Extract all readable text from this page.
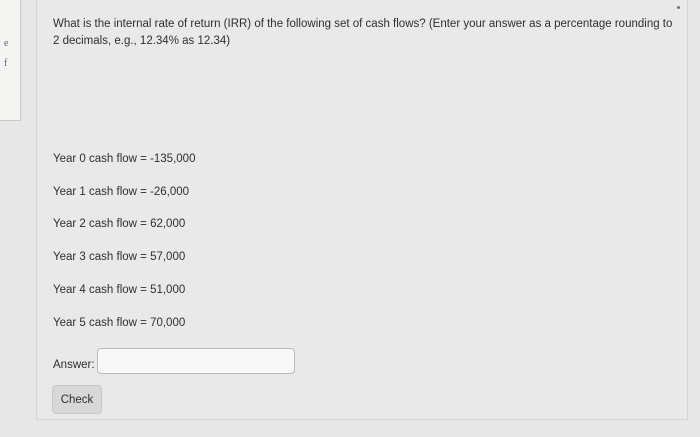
e
f
What is the internal rate of return (IRR) of the following set of cash flows? (Enter your answer as a percentage rounding to 2 decimals, e.g., 12.34% as 12.34)
Year 0 cash flow = -135,000
Year 1 cash flow = -26,000
Year 2 cash flow = 62,000
Year 3 cash flow = 57,000
Year 4 cash flow = 51,000
Year 5 cash flow = 70,000
Answer:
Check
